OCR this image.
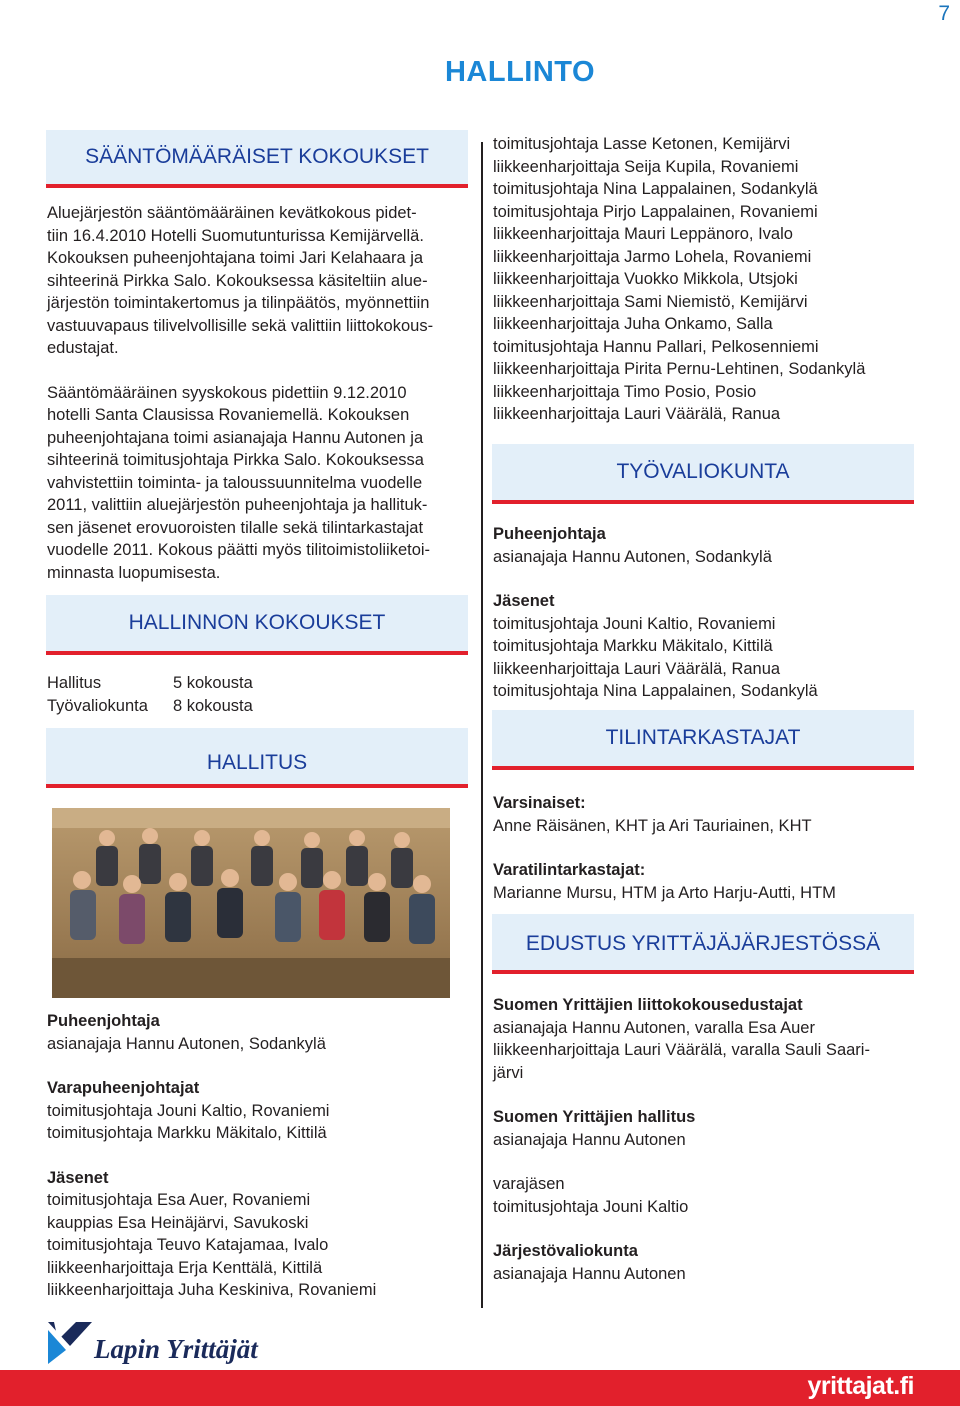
7
HALLINTO
SÄÄNTÖMÄÄRÄISET KOKOUKSET
Aluejärjestön sääntömääräinen kevätkokous pidet-
tiin 16.4.2010 Hotelli Suomutunturissa Kemijärvellä.
Kokouksen puheenjohtajana toimi Jari Kelahaara ja
sihteerinä Pirkka Salo. Kokouksessa käsiteltiin alue-
järjestön toimintakertomus ja tilinpäätös, myönnettiin
vastuuvapaus tilivelvollisille sekä valittiin liittokokous-
edustajat.
Sääntömääräinen syyskokous pidettiin 9.12.2010
hotelli Santa Clausissa Rovaniemellä. Kokouksen
puheenjohtajana toimi asianajaja Hannu Autonen ja
sihteerinä toimitusjohtaja Pirkka Salo. Kokouksessa
vahvistettiin toiminta- ja taloussuunnitelma vuodelle
2011, valittiin aluejärjestön puheenjohtaja ja hallituk-
sen jäsenet erovuoroisten tilalle sekä tilintarkastajat
vuodelle 2011. Kokous päätti myös tilitoimistoliiketoi-
minnasta luopumisesta.
HALLINNON KOKOUKSET
Hallitus	5 kokousta
Työvaliokunta	8 kokousta
HALLITUS

Puheenjohtaja

asianajaja Hannu Autonen, Sodankylä

Varapuheenjohtajat

toimitusjohtaja Jouni Kaltio, Rovaniemi
toimitusjohtaja Markku Mäkitalo, Kittilä

Jäsenet

toimitusjohtaja Esa Auer, Rovaniemi
kauppias Esa Heinäjärvi, Savukoski
toimitusjohtaja Teuvo Katajamaa, Ivalo
liikkeenharjoittaja Erja Kenttälä, Kittilä
liikkeenharjoittaja Juha Keskiniva, Rovaniemi
toimitusjohtaja Lasse Ketonen, Kemijärvi
liikkeenharjoittaja Seija Kupila, Rovaniemi
toimitusjohtaja Nina Lappalainen, Sodankylä
toimitusjohtaja Pirjo Lappalainen, Rovaniemi
liikkeenharjoittaja Mauri Leppänoro, Ivalo
liikkeenharjoittaja Jarmo Lohela, Rovaniemi
liikkeenharjoittaja Vuokko Mikkola, Utsjoki
liikkeenharjoittaja Sami Niemistö, Kemijärvi
liikkeenharjoittaja Juha Onkamo, Salla
toimitusjohtaja Hannu Pallari, Pelkosenniemi
liikkeenharjoittaja Pirita Pernu-Lehtinen, Sodankylä
liikkeenharjoittaja Timo Posio, Posio
liikkeenharjoittaja Lauri Väärälä, Ranua
TYÖVALIOKUNTA

Puheenjohtaja

asianajaja Hannu Autonen, Sodankylä

Jäsenet

toimitusjohtaja Jouni Kaltio, Rovaniemi
toimitusjohtaja Markku Mäkitalo, Kittilä
liikkeenharjoittaja Lauri Väärälä, Ranua
toimitusjohtaja Nina Lappalainen, Sodankylä
TILINTARKASTAJAT

Varsinaiset:

Anne Räisänen, KHT ja Ari Tauriainen, KHT

Varatilintarkastajat:

Marianne Mursu, HTM ja Arto Harju-Autti, HTM
EDUSTUS YRITTÄJÄJÄRJESTÖSSÄ

Suomen Yrittäjien liittokokousedustajat

asianajaja Hannu Autonen, varalla Esa Auer
liikkeenharjoittaja Lauri Väärälä, varalla Sauli Saari-
järvi

Suomen Yrittäjien hallitus

asianajaja Hannu Autonen
varajäsen
toimitusjohtaja Jouni Kaltio

Järjestövaliokunta

asianajaja Hannu Autonen
Lapin Yrittäjät
yrittajat.fi
